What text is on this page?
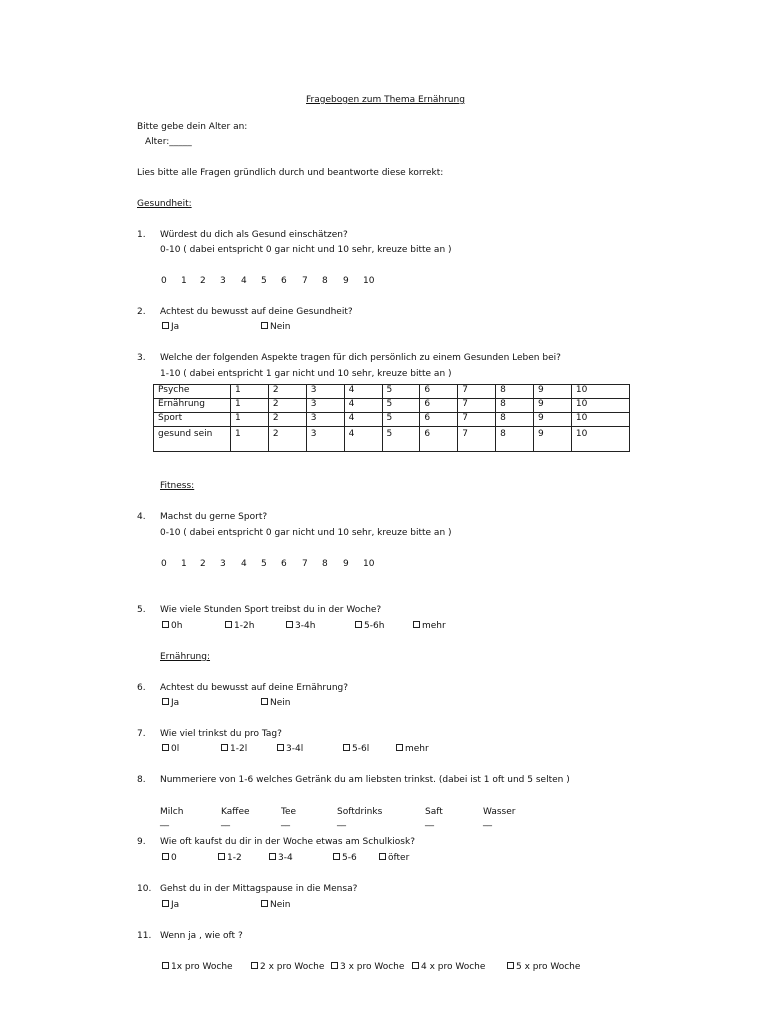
Fragebogen zum Thema Ernährung
Bitte gebe dein Alter an:
Alter:_____
Lies bitte alle Fragen gründlich durch und beantworte diese korrekt:
Gesundheit:
1. Würdest du dich als Gesund einschätzen?
0-10 ( dabei entspricht 0 gar nicht und 10 sehr, kreuze bitte an )
0 1 2 3 4 5 6 7 8 9 10
2. Achtest du bewusst auf deine Gesundheit?
Ja	Nein
3. Welche der folgenden Aspekte tragen für dich persönlich zu einem Gesunden Leben bei?
1-10 ( dabei entspricht 1 gar nicht und 10 sehr, kreuze bitte an )
Psyche	1	2	3	4	5	6	7	8	9	10
Ernährung	1	2	3	4	5	6	7	8	9	10
Sport	1	2	3	4	5	6	7	8	9	10
gesund sein	1	2	3	4	5	6	7	8	9	10
Fitness:
4. Machst du gerne Sport?
0-10 ( dabei entspricht 0 gar nicht und 10 sehr, kreuze bitte an )
0 1 2 3 4 5 6 7 8 9 10
5. Wie viele Stunden Sport treibst du in der Woche?
0h	1-2h	3-4h	5-6h	mehr
Ernährung:
6. Achtest du bewusst auf deine Ernährung?
Ja	Nein
7. Wie viel trinkst du pro Tag?
0l	1-2l	3-4l	5-6l	mehr
8. Nummeriere von 1-6 welches Getränk du am liebsten trinkst. (dabei ist 1 oft und 5 selten )
Milch __
Kaffee __
Tee __
Softdrinks __
Saft __
Wasser __
9. Wie oft kaufst du dir in der Woche etwas am Schulkiosk?
0	1-2	3-4	5-6	öfter
10. Gehst du in der Mittagspause in die Mensa?
Ja	Nein
11. Wenn ja , wie oft ?
1x pro Woche	2 x pro Woche	3 x pro Woche	4 x pro Woche	5 x pro Woche
